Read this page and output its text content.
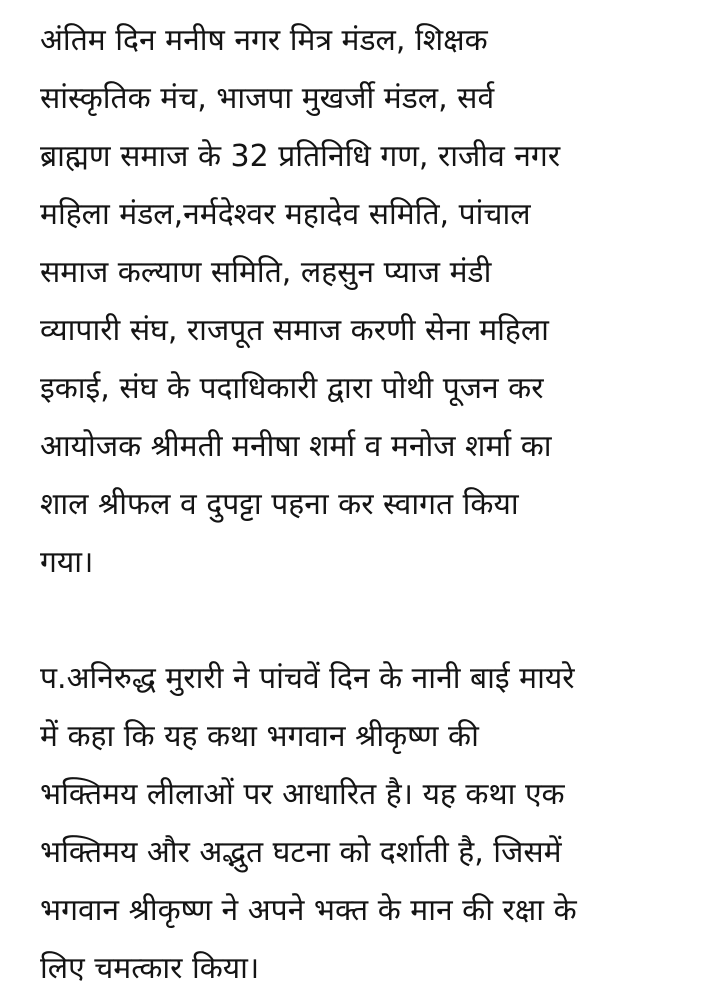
अंतिम दिन मनीष नगर मित्र मंडल, शिक्षक
सांस्कृतिक मंच, भाजपा मुखर्जी मंडल, सर्व
ब्राह्मण समाज के 32 प्रतिनिधि गण, राजीव नगर
महिला मंडल,नर्मदेश्वर महादेव समिति, पांचाल
समाज कल्याण समिति, लहसुन प्याज मंडी
व्यापारी संघ, राजपूत समाज करणी सेना महिला
इकाई, संघ के पदाधिकारी द्वारा पोथी पूजन कर
आयोजक श्रीमती मनीषा शर्मा व मनोज शर्मा का
शाल श्रीफल व दुपट्टा पहना कर स्वागत किया
गया।
प.अनिरुद्ध मुरारी ने पांचवें दिन के नानी बाई मायरे
में कहा कि यह कथा भगवान श्रीकृष्ण की
भक्तिमय लीलाओं पर आधारित है। यह कथा एक
भक्तिमय और अद्भुत घटना को दर्शाती है, जिसमें
भगवान श्रीकृष्ण ने अपने भक्त के मान की रक्षा के
लिए चमत्कार किया।
